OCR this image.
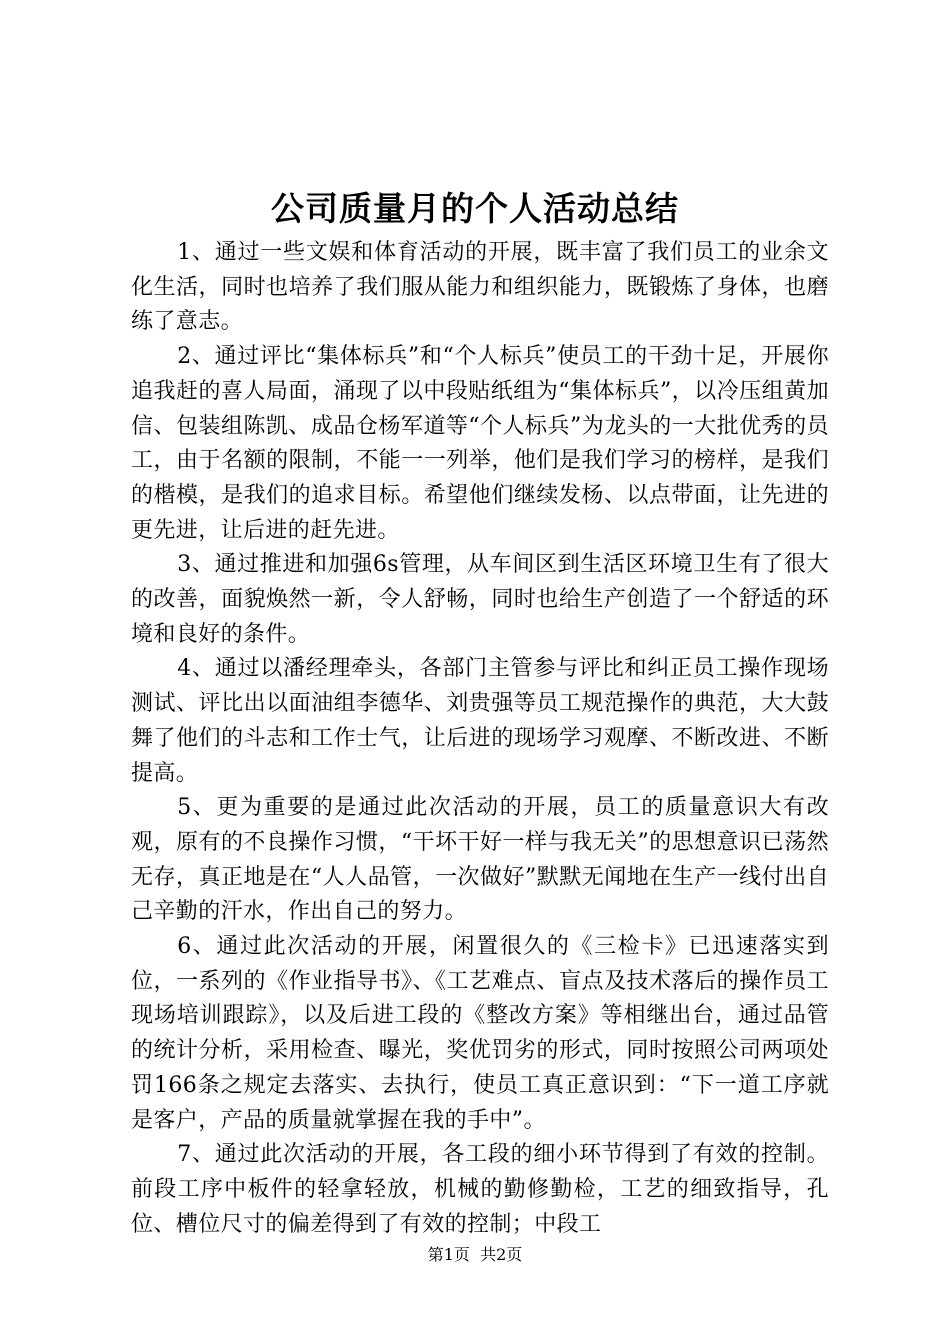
公司质量月的个人活动总结

1、通过一些文娱和体育活动的开展，既丰富了我们员工的业余文化生活，同时也培养了我们服从能力和组织能力，既锻炼了身体，也磨练了意志。

2、通过评比“集体标兵”和“个人标兵”使员工的干劲十足，开展你追我赶的喜人局面，涌现了以中段贴纸组为“集体标兵”，以冷压组黄加信、包装组陈凯、成品仓杨军道等“个人标兵”为龙头的一大批优秀的员工，由于名额的限制，不能一一列举，他们是我们学习的榜样，是我们的楷模，是我们的追求目标。希望他们继续发杨、以点带面，让先进的更先进，让后进的赶先进。

3、通过推进和加强6s管理，从车间区到生活区环境卫生有了很大的改善，面貌焕然一新，令人舒畅，同时也给生产创造了一个舒适的环境和良好的条件。

4、通过以潘经理牵头，各部门主管参与评比和纠正员工操作现场测试、评比出以面油组李德华、刘贵强等员工规范操作的典范，大大鼓舞了他们的斗志和工作士气，让后进的现场学习观摩、不断改进、不断提高。

5、更为重要的是通过此次活动的开展，员工的质量意识大有改观，原有的不良操作习惯，“干坏干好一样与我无关”的思想意识已荡然无存，真正地是在“人人品管，一次做好”默默无闻地在生产一线付出自己辛勤的汗水，作出自己的努力。

6、通过此次活动的开展，闲置很久的《三检卡》已迅速落实到位，一系列的《作业指导书》、《工艺难点、盲点及技术落后的操作员工现场培训跟踪》，以及后进工段的《整改方案》等相继出台，通过品管的统计分析，采用检查、曝光，奖优罚劣的形式，同时按照公司两项处罚166条之规定去落实、去执行，使员工真正意识到：“下一道工序就是客户，产品的质量就掌握在我的手中”。

7、通过此次活动的开展，各工段的细小环节得到了有效的控制。前段工序中板件的轻拿轻放，机械的勤修勤检，工艺的细致指导，孔位、槽位尺寸的偏差得到了有效的控制；中段工

第1页 共2页
